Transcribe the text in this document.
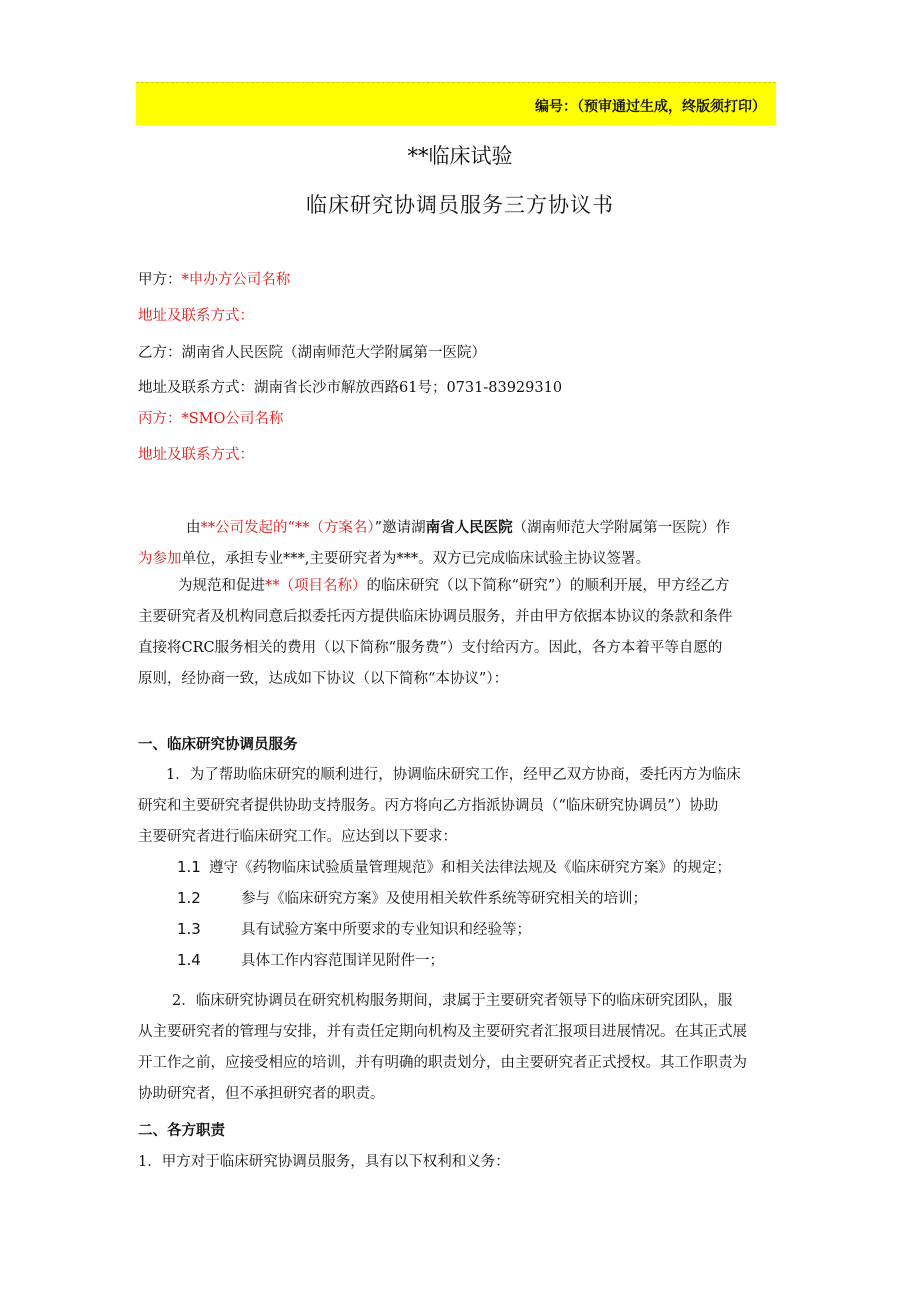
编号：（预审通过生成，终版须打印）
**临床试验
临床研究协调员服务三方协议书
甲方：*申办方公司名称
地址及联系方式：
乙方：湖南省人民医院（湖南师范大学附属第一医院）
地址及联系方式：湖南省长沙市解放西路61号；0731-83929310
丙方：*SMO公司名称
地址及联系方式：
由**公司发起的“**（方案名）”邀请湖南省人民医院（湖南师范大学附属第一医院）作
为参加单位，承担专业***,主要研究者为***。双方已完成临床试验主协议签署。
为规范和促进**（项目名称）的临床研究（以下简称“研究”）的顺利开展，甲方经乙方
主要研究者及机构同意后拟委托丙方提供临床协调员服务，并由甲方依据本协议的条款和条件
直接将CRC服务相关的费用（以下简称“服务费”）支付给丙方。因此，各方本着平等自愿的
原则，经协商一致，达成如下协议（以下简称“本协议”）：
一、临床研究协调员服务
1．为了帮助临床研究的顺利进行，协调临床研究工作，经甲乙双方协商，委托丙方为临床
研究和主要研究者提供协助支持服务。丙方将向乙方指派协调员（“临床研究协调员”）协助
主要研究者进行临床研究工作。应达到以下要求：
1.1 遵守《药物临床试验质量管理规范》和相关法律法规及《临床研究方案》的规定；
1.2	参与《临床研究方案》及使用相关软件系统等研究相关的培训；
1.3	具有试验方案中所要求的专业知识和经验等；
1.4	具体工作内容范围详见附件一；
2．临床研究协调员在研究机构服务期间，隶属于主要研究者领导下的临床研究团队，服
从主要研究者的管理与安排，并有责任定期向机构及主要研究者汇报项目进展情况。在其正式展
开工作之前，应接受相应的培训，并有明确的职责划分，由主要研究者正式授权。其工作职责为
协助研究者，但不承担研究者的职责。
二、各方职责
1．甲方对于临床研究协调员服务，具有以下权利和义务：
